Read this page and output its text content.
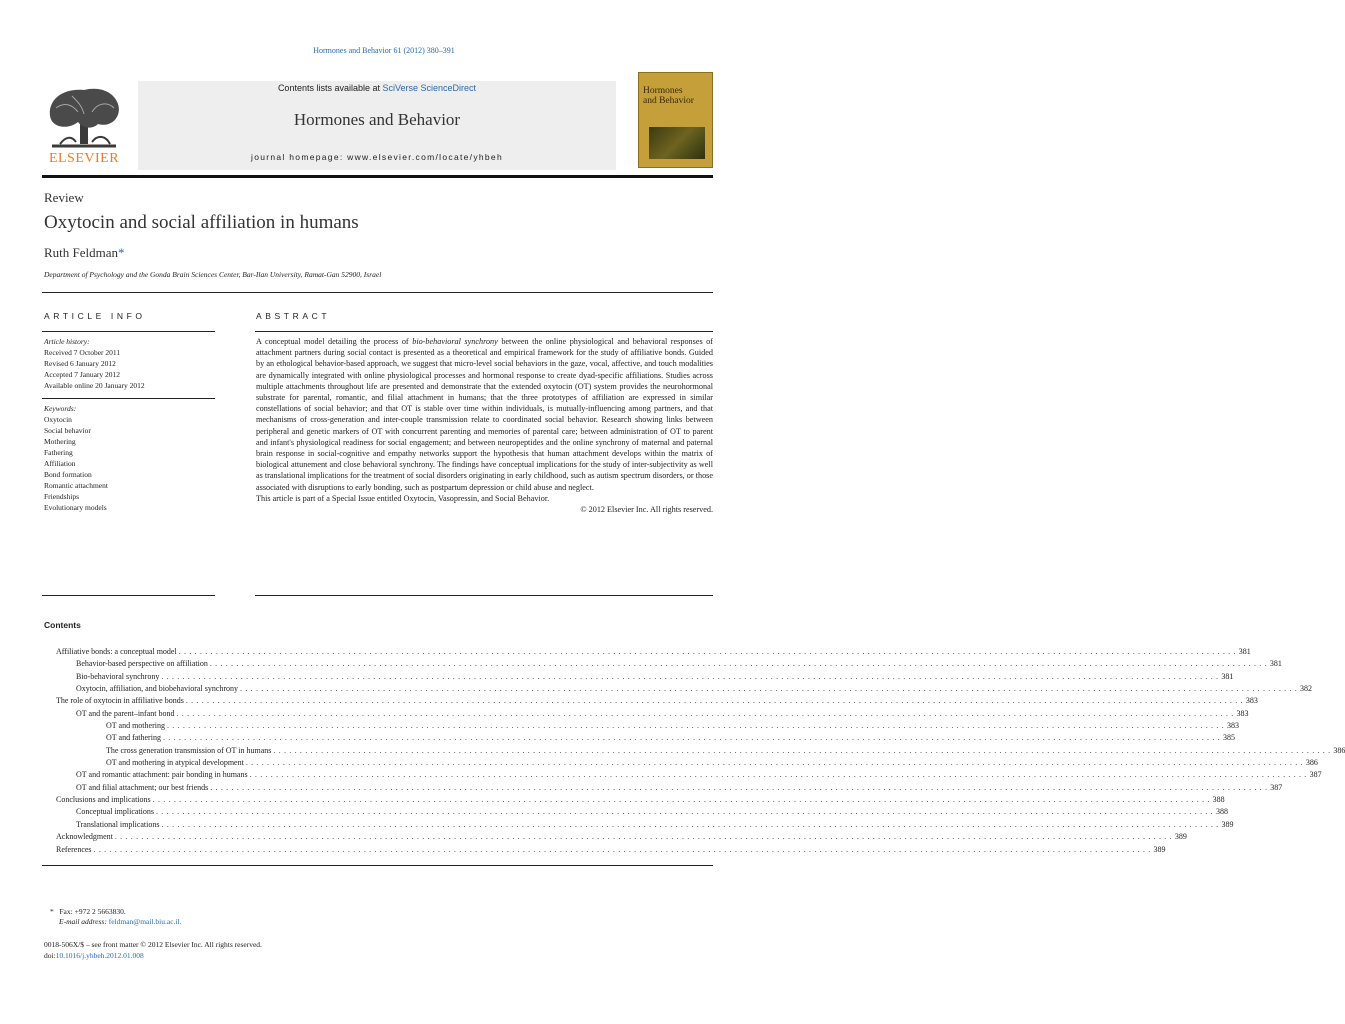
Hormones and Behavior 61 (2012) 380–391
ELSEVIER
Contents lists available at SciVerse ScienceDirect
Hormones and Behavior
journal homepage: www.elsevier.com/locate/yhbeh
Hormones
and Behavior
Review
Oxytocin and social affiliation in humans
Ruth Feldman*
Department of Psychology and the Gonda Brain Sciences Center, Bar-Ilan University, Ramat-Gan 52900, Israel
ARTICLE INFO
Article history:
Received 7 October 2011
Revised 6 January 2012
Accepted 7 January 2012
Available online 20 January 2012
Keywords:
Oxytocin
Social behavior
Mothering
Fathering
Affiliation
Bond formation
Romantic attachment
Friendships
Evolutionary models
ABSTRACT

A conceptual model detailing the process of bio-behavioral synchrony between the online physiological and behavioral responses of attachment partners during social contact is presented as a theoretical and empirical framework for the study of affiliative bonds. Guided by an ethological behavior-based approach, we suggest that micro-level social behaviors in the gaze, vocal, affective, and touch modalities are dynamically integrated with online physiological processes and hormonal response to create dyad-specific affiliations. Studies across multiple attachments throughout life are presented and demonstrate that the extended oxytocin (OT) system provides the neurohormonal substrate for parental, romantic, and filial attachment in humans; that the three prototypes of affiliation are expressed in similar constellations of social behavior; and that OT is stable over time within individuals, is mutually-influencing among partners, and that mechanisms of cross-generation and inter-couple transmission relate to coordinated social behavior. Research showing links between peripheral and genetic markers of OT with concurrent parenting and memories of parental care; between administration of OT to parent and infant's physiological readiness for social engagement; and between neuropeptides and the online synchrony of maternal and paternal brain response in social-cognitive and empathy networks support the hypothesis that human attachment develops within the matrix of biological attunement and close behavioral synchrony. The findings have conceptual implications for the study of inter-subjectivity as well as translational implications for the treatment of social disorders originating in early childhood, such as autism spectrum disorders, or those associated with disruptions to early bonding, such as postpartum depression or child abuse and neglect.

This article is part of a Special Issue entitled Oxytocin, Vasopressin, and Social Behavior.

© 2012 Elsevier Inc. All rights reserved.

Contents
Affiliative bonds: a conceptual model ........................................................................................................................................................................................................ 381
Behavior-based perspective on affiliation ........................................................................................................................................................................................................ 381
Bio-behavioral synchrony ........................................................................................................................................................................................................ 381
Oxytocin, affiliation, and biobehavioral synchrony ........................................................................................................................................................................................................ 382
The role of oxytocin in affiliative bonds ........................................................................................................................................................................................................ 383
OT and the parent–infant bond ........................................................................................................................................................................................................ 383
OT and mothering ........................................................................................................................................................................................................ 383
OT and fathering ........................................................................................................................................................................................................ 385
The cross generation transmission of OT in humans ........................................................................................................................................................................................................ 386
OT and mothering in atypical development ........................................................................................................................................................................................................ 386
OT and romantic attachment: pair bonding in humans ........................................................................................................................................................................................................ 387
OT and filial attachment; our best friends ........................................................................................................................................................................................................ 387
Conclusions and implications ........................................................................................................................................................................................................ 388
Conceptual implications ........................................................................................................................................................................................................ 388
Translational implications ........................................................................................................................................................................................................ 389
Acknowledgment ........................................................................................................................................................................................................ 389
References ........................................................................................................................................................................................................ 389
* Fax: +972 2 5663830.
E-mail address: feldman@mail.biu.ac.il.
0018-506X/$ – see front matter © 2012 Elsevier Inc. All rights reserved.
doi:10.1016/j.yhbeh.2012.01.008
